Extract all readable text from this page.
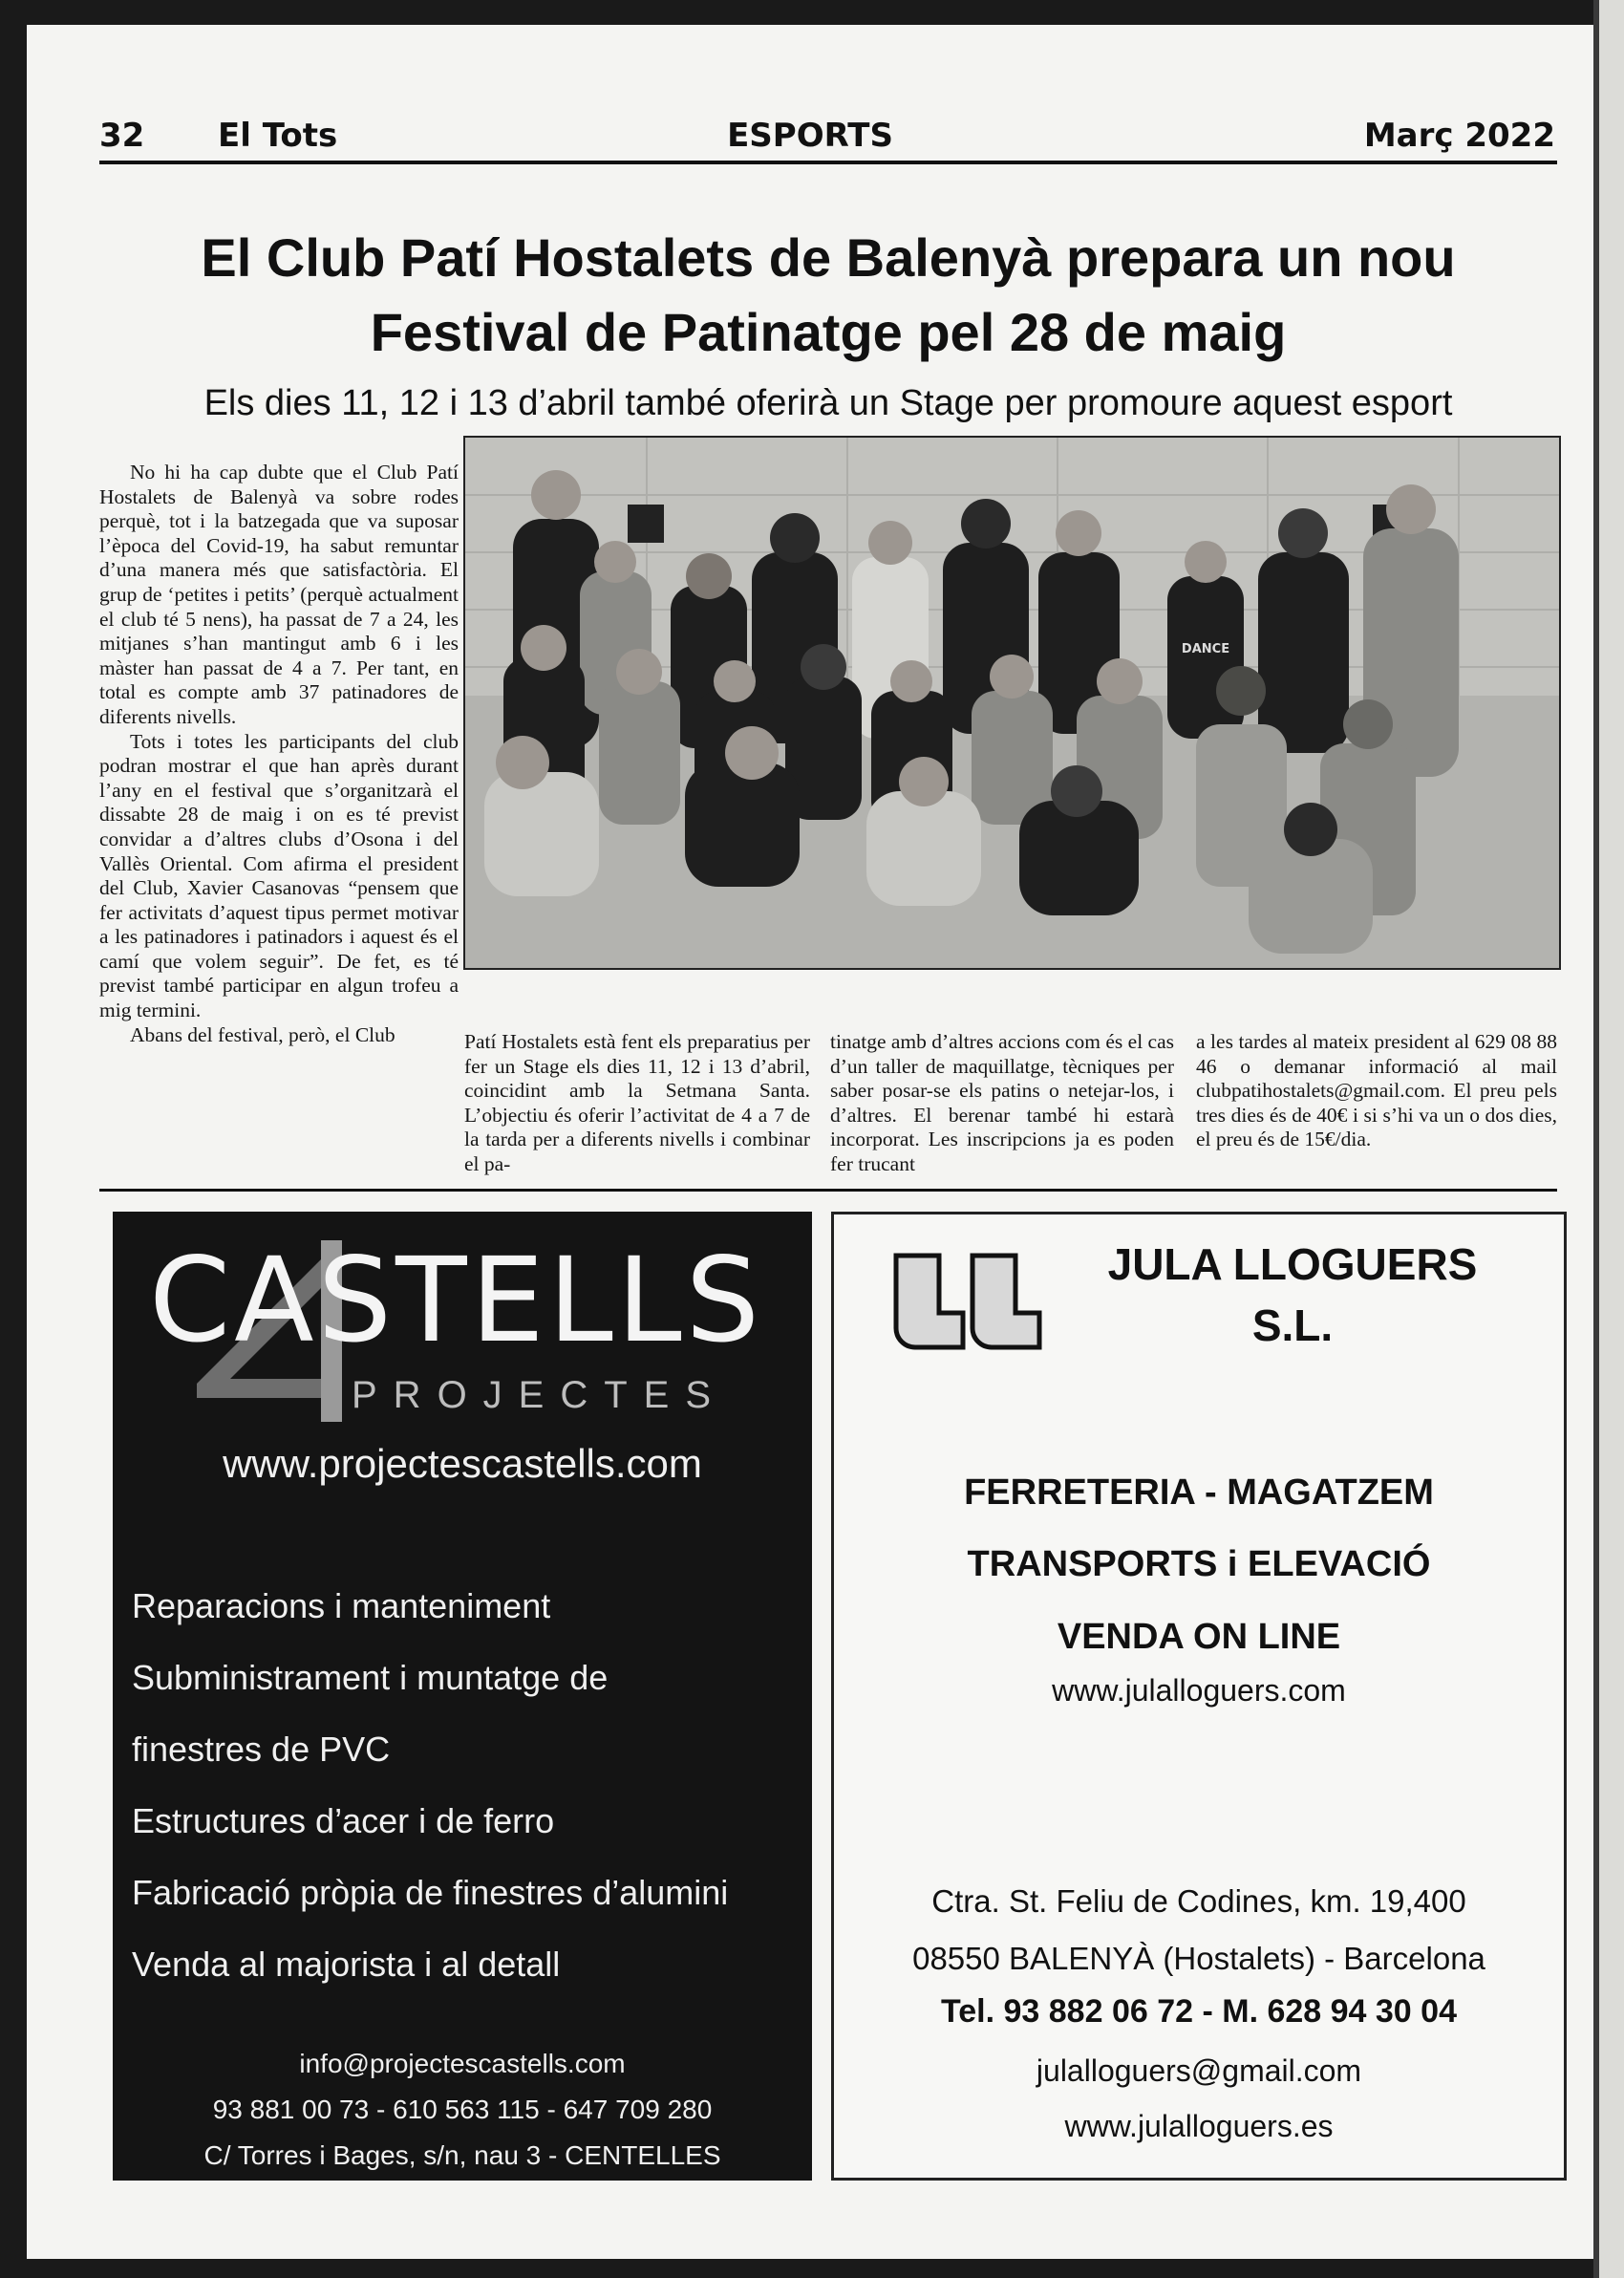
ESPORTS
32 El Tots	Març 2022
El Club Patí Hostalets de Balenyà prepara un nou
Festival de Patinatge pel 28 de maig
Els dies 11, 12 i 13 d’abril també oferirà un Stage per promoure aquest esport

No hi ha cap dubte que el Club Patí Hostalets de Balenyà va sobre rodes perquè, tot i la batzegada que va suposar l’època del Covid-19, ha sabut remuntar d’una manera més que satisfactòria. El grup de ‘petites i petits’ (perquè actualment el club té 5 nens), ha passat de 7 a 24, les mitjanes s’han mantingut amb 6 i les màster han passat de 4 a 7. Per tant, en total es compte amb 37 patinadores de diferents nivells.

Tots i totes les participants del club podran mostrar el que han après durant l’any en el festival que s’organitzarà el dissabte 28 de maig i on es té previst convidar a d’altres clubs d’Osona i del Vallès Oriental. Com afirma el president del Club, Xavier Casanovas “pensem que fer activitats d’aquest tipus permet motivar a les patinadores i patinadors i aquest és el camí que volem seguir”. De fet, es té previst també participar en algun trofeu a mig termini.

Abans del festival, però, el Club

DANCE

Patí Hostalets està fent els preparatius per fer un Stage els dies 11, 12 i 13 d’abril, coincidint amb la Setmana Santa. L’objectiu és oferir l’activitat de 4 a 7 de la tarda per a diferents nivells i combinar el pa-

tinatge amb d’altres accions com és el cas d’un taller de maquillatge, tècniques per saber posar-se els patins o netejar-los, i d’altres. El berenar també hi estarà incorporat. Les inscripcions ja es poden fer trucant

a les tardes al mateix president al 629 08 88 46 o demanar informació al mail clubpatihostalets@gmail.com. El preu pels tres dies és de 40€ i si s’hi va un o dos dies, el preu és de 15€/dia.

CASTELLS
PROJECTES
www.projectescastells.com
Reparacions i manteniment
Subministrament i muntatge de
finestres de PVC
Estructures d’acer i de ferro
Fabricació pròpia de finestres d’alumini
Venda al majorista i al detall
info@projectescastells.com
93 881 00 73 - 610 563 115 - 647 709 280
C/ Torres i Bages, s/n, nau 3 - CENTELLES
JULA LLOGUERS
S.L.
FERRETERIA - MAGATZEM
TRANSPORTS i ELEVACIÓ
VENDA ON LINE
www.julalloguers.com
Ctra. St. Feliu de Codines, km. 19,400
08550 BALENYÀ (Hostalets) - Barcelona
Tel. 93 882 06 72 - M. 628 94 30 04
julalloguers@gmail.com
www.julalloguers.es
